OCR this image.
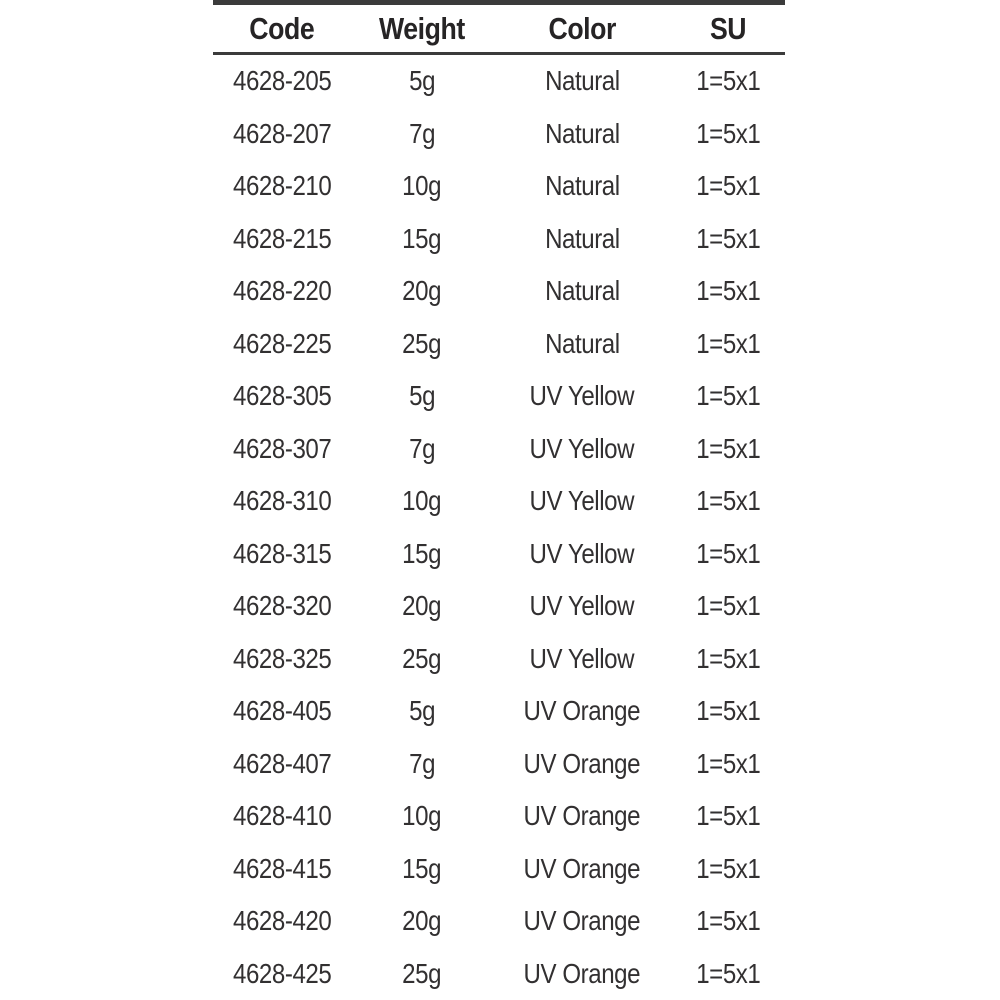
Code	Weight	Color	SU
4628-205	5g	Natural	1=5x1
4628-207	7g	Natural	1=5x1
4628-210	10g	Natural	1=5x1
4628-215	15g	Natural	1=5x1
4628-220	20g	Natural	1=5x1
4628-225	25g	Natural	1=5x1
4628-305	5g	UV Yellow	1=5x1
4628-307	7g	UV Yellow	1=5x1
4628-310	10g	UV Yellow	1=5x1
4628-315	15g	UV Yellow	1=5x1
4628-320	20g	UV Yellow	1=5x1
4628-325	25g	UV Yellow	1=5x1
4628-405	5g	UV Orange	1=5x1
4628-407	7g	UV Orange	1=5x1
4628-410	10g	UV Orange	1=5x1
4628-415	15g	UV Orange	1=5x1
4628-420	20g	UV Orange	1=5x1
4628-425	25g	UV Orange	1=5x1
